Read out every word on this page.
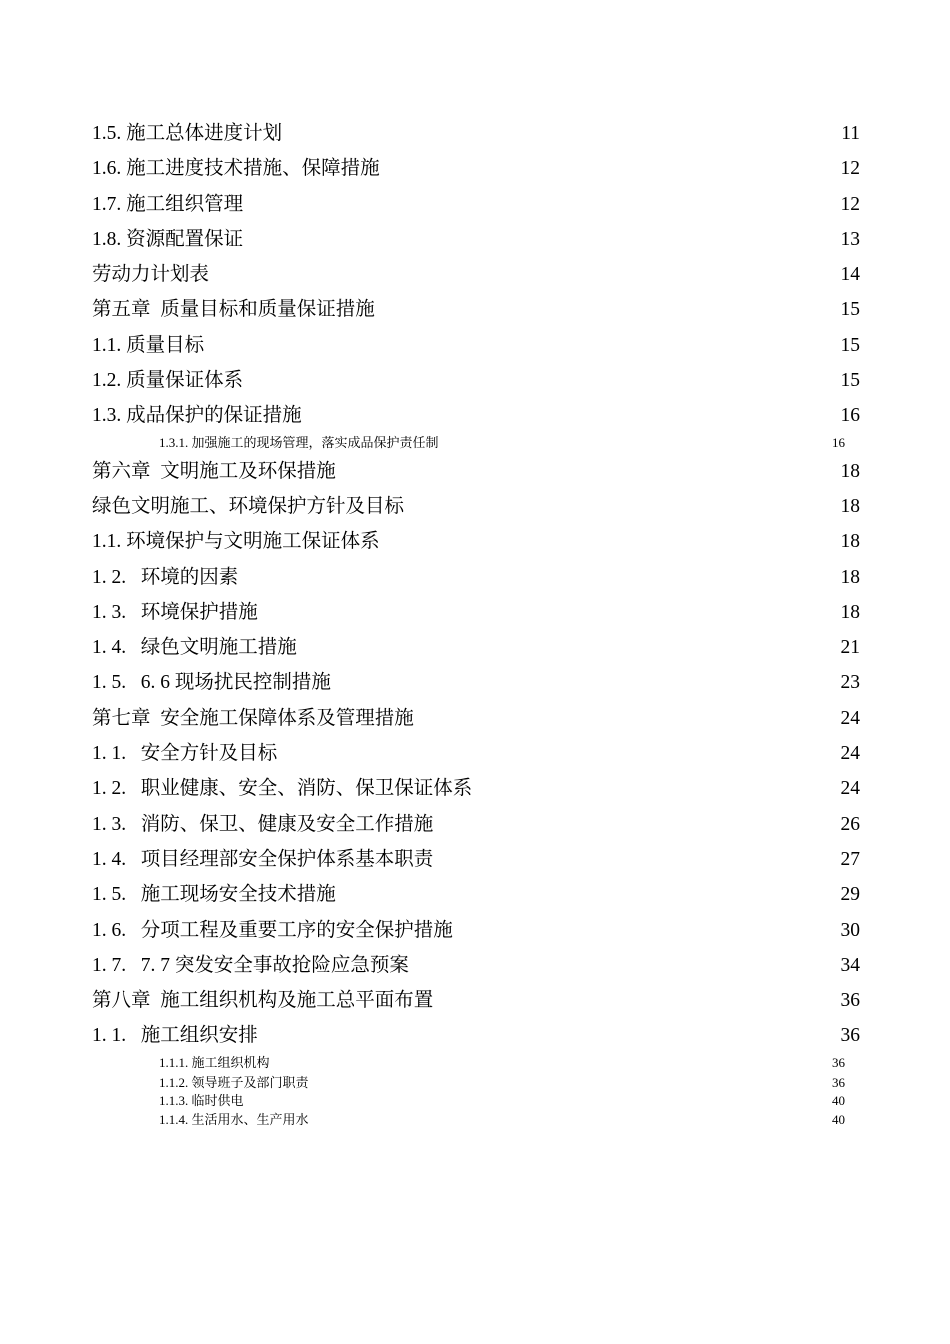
1.5. 施工总体进度计划	11
1.6. 施工进度技术措施、保障措施	12
1.7. 施工组织管理	12
1.8. 资源配置保证	13
劳动力计划表	14
第五章  质量目标和质量保证措施	15
1.1. 质量目标	15
1.2. 质量保证体系	15
1.3. 成品保护的保证措施	16
1.3.1. 加强施工的现场管理，落实成品保护责任制	16
第六章  文明施工及环保措施	18
绿色文明施工、环境保护方针及目标	18
1.1. 环境保护与文明施工保证体系	18
1. 2.   环境的因素	18
1. 3.   环境保护措施	18
1. 4.   绿色文明施工措施	21
1. 5.   6. 6 现场扰民控制措施	23
第七章  安全施工保障体系及管理措施	24
1. 1.   安全方针及目标	24
1. 2.   职业健康、安全、消防、保卫保证体系	24
1. 3.   消防、保卫、健康及安全工作措施	26
1. 4.   项目经理部安全保护体系基本职责	27
1. 5.   施工现场安全技术措施	29
1. 6.   分项工程及重要工序的安全保护措施	30
1. 7.   7. 7 突发安全事故抢险应急预案	34
第八章  施工组织机构及施工总平面布置	36
1. 1.   施工组织安排	36
1.1.1. 施工组织机构	36
1.1.2. 领导班子及部门职责	36
1.1.3. 临时供电	40
1.1.4. 生活用水、生产用水	40
